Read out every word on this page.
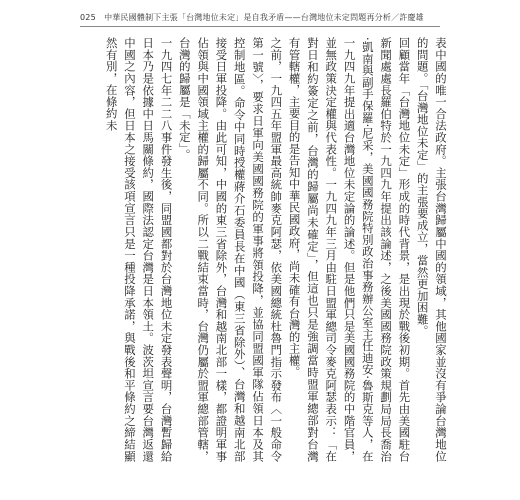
025　中華民國體制下主張「台灣地位未定」是自我矛盾——台灣地位未定問題再分析／許慶雄

表中國的唯一合法政府。主張台灣歸屬中國的領域，其他國家並沒有爭論台灣地位的問題。「台灣地位未定」的主張要成立，當然更加困難。

回顧當年「台灣地位未定」形成的時代背景，是出現於戰後初期。首先由美國駐台新聞處處長羅伯特於一九四九年提出該論述，之後美國國務院政策規劃局局長喬治·凱南與副手保羅·尼采，美國國務院特別政治事務辦公室主任迪安·魯斯克等人，在一九四九年提出適台灣地位未定論的論述。但是他們只是美國國務院的中階官員，並無政策決定權與代表性。一九四九年三月由駐日盟軍總司令麥克阿瑟表示：「在對日和約簽定之前，台灣的歸屬尚未確定」，但這也只是強調當時盟軍總部對台灣有管轄權，主要目的是告知中華民國政府，尚未確有台灣的主權。

之前，一九四五年盟軍最高統帥麥克阿瑟，依美國總統杜魯門指示發布〈一般命令第一號〉，要求日軍向美國國務院的軍事將領投降，並協同盟國軍隊佔領日本及其控制地區。命令中同時授權蔣介石委員長在中國（東三省除外）、台灣和越南北部接受日軍投降。由此可知，中國的東三省除外，台灣和越南北部一樣，都證明軍事佔領與中國領域主權的歸屬不同。所以二戰結束當時，台灣仍屬於盟軍總部管轄，台灣的歸屬是「未定」。

一九四七年二二八事件發生後，同盟國都對於台灣地位未定發表聲明，台灣暫歸給日本乃是依據中日馬關條約，國際法認定台灣是日本領土。波茨坦宣言要台灣返還中國之內容，但日本之接受該項宣言只是一種投降承諾，與戰後和平條約之締結顯然有別，在條約未
